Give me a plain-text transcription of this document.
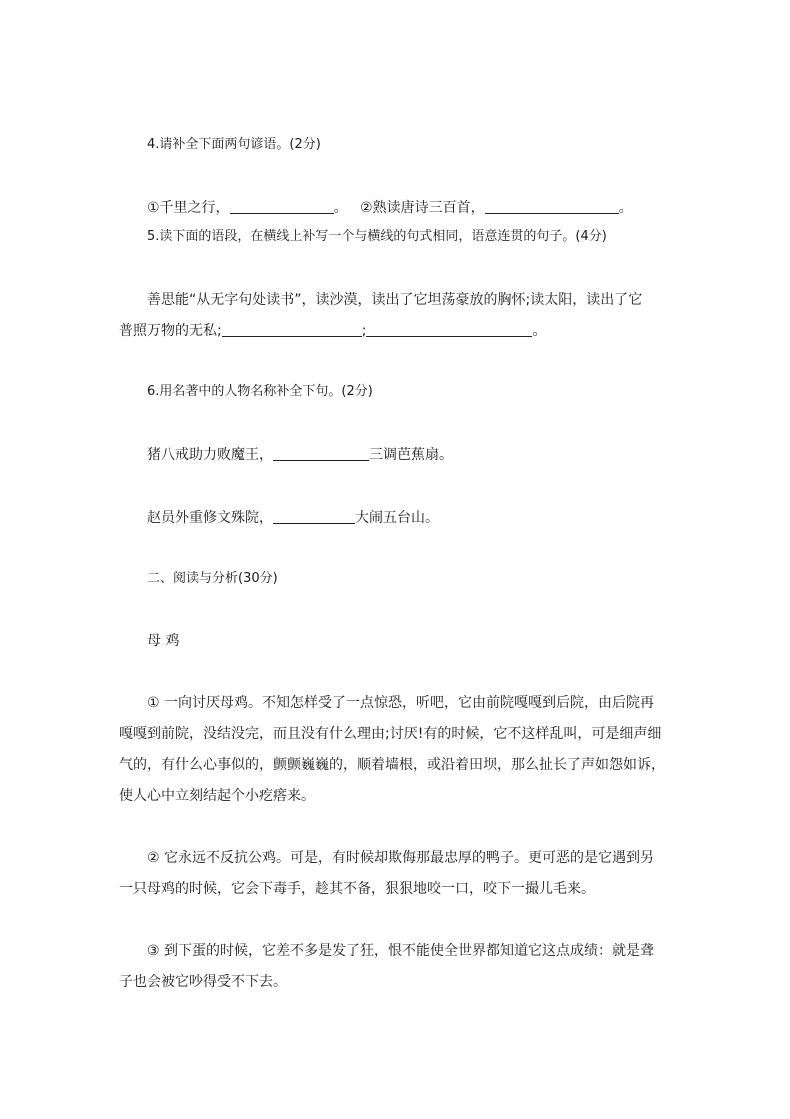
4.请补全下面两句谚语。(2分)
①千里之行，	。 ②熟读唐诗三百首，	。
5.读下面的语段，在横线上补写一个与横线的句式相同，语意连贯的句子。(4分)
善思能“从无字句处读书”，读沙漠，读出了它坦荡豪放的胸怀;读太阳，读出了它
普照万物的无私;	;	。
6.用名著中的人物名称补全下句。(2分)
猪八戒助力败魔王，	三调芭蕉扇。
赵员外重修文殊院，	大闹五台山。
二、阅读与分析(30分)
母 鸡
① 一向讨厌母鸡。不知怎样受了一点惊恐，听吧，它由前院嘎嘎到后院，由后院再
嘎嘎到前院，没结没完，而且没有什么理由;讨厌!有的时候，它不这样乱叫，可是细声细
气的，有什么心事似的，颤颤巍巍的，顺着墙根，或沿着田坝，那么扯长了声如怨如诉，
使人心中立刻结起个小疙瘩来。
② 它永远不反抗公鸡。可是，有时候却欺侮那最忠厚的鸭子。更可恶的是它遇到另
一只母鸡的时候，它会下毒手，趁其不备，狠狠地咬一口，咬下一撮儿毛来。
③ 到下蛋的时候，它差不多是发了狂，恨不能使全世界都知道它这点成绩：就是聋
子也会被它吵得受不下去。
